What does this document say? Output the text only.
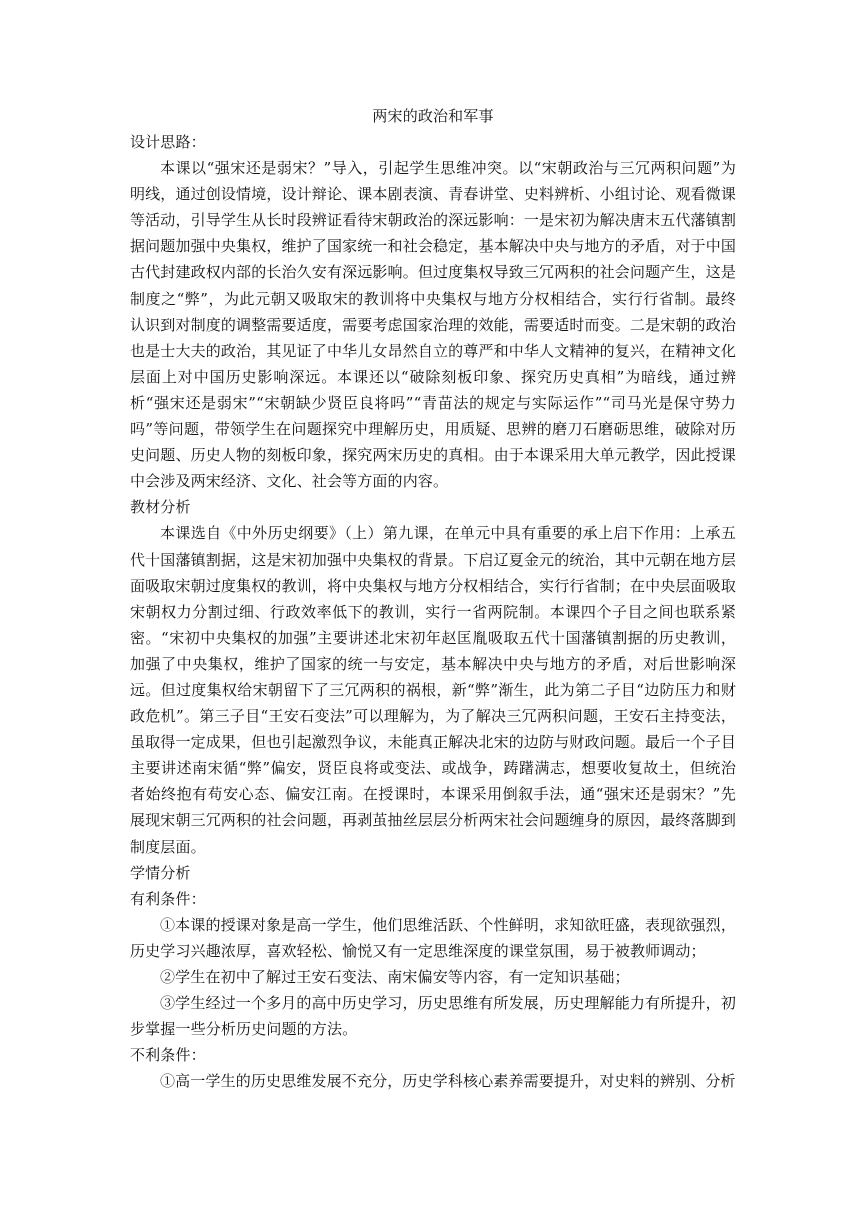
两宋的政治和军事

设计思路：

本课以“强宋还是弱宋？”导入，引起学生思维冲突。以“宋朝政治与三冗两积问题”为明线，通过创设情境，设计辩论、课本剧表演、青春讲堂、史料辨析、小组讨论、观看微课等活动，引导学生从长时段辨证看待宋朝政治的深远影响：一是宋初为解决唐末五代藩镇割据问题加强中央集权，维护了国家统一和社会稳定，基本解决中央与地方的矛盾，对于中国古代封建政权内部的长治久安有深远影响。但过度集权导致三冗两积的社会问题产生，这是制度之“弊”，为此元朝又吸取宋的教训将中央集权与地方分权相结合，实行行省制。最终认识到对制度的调整需要适度，需要考虑国家治理的效能，需要适时而变。二是宋朝的政治也是士大夫的政治，其见证了中华儿女昂然自立的尊严和中华人文精神的复兴，在精神文化层面上对中国历史影响深远。本课还以“破除刻板印象、探究历史真相”为暗线，通过辨析“强宋还是弱宋”“宋朝缺少贤臣良将吗”“青苗法的规定与实际运作”“司马光是保守势力吗”等问题，带领学生在问题探究中理解历史，用质疑、思辨的磨刀石磨砺思维，破除对历史问题、历史人物的刻板印象，探究两宋历史的真相。由于本课采用大单元教学，因此授课中会涉及两宋经济、文化、社会等方面的内容。

教材分析

本课选自《中外历史纲要》（上）第九课，在单元中具有重要的承上启下作用：上承五代十国藩镇割据，这是宋初加强中央集权的背景。下启辽夏金元的统治，其中元朝在地方层面吸取宋朝过度集权的教训，将中央集权与地方分权相结合，实行行省制；在中央层面吸取宋朝权力分割过细、行政效率低下的教训，实行一省两院制。本课四个子目之间也联系紧密。“宋初中央集权的加强”主要讲述北宋初年赵匡胤吸取五代十国藩镇割据的历史教训，加强了中央集权，维护了国家的统一与安定，基本解决中央与地方的矛盾，对后世影响深远。但过度集权给宋朝留下了三冗两积的祸根，新“弊”渐生，此为第二子目“边防压力和财政危机”。第三子目“王安石变法”可以理解为，为了解决三冗两积问题，王安石主持变法，虽取得一定成果，但也引起激烈争议，未能真正解决北宋的边防与财政问题。最后一个子目主要讲述南宋循“弊”偏安，贤臣良将或变法、或战争，踌躇满志，想要收复故土，但统治者始终抱有苟安心态、偏安江南。在授课时，本课采用倒叙手法，通“强宋还是弱宋？”先展现宋朝三冗两积的社会问题，再剥茧抽丝层层分析两宋社会问题缠身的原因，最终落脚到制度层面。

学情分析

有利条件：

①本课的授课对象是高一学生，他们思维活跃、个性鲜明，求知欲旺盛，表现欲强烈，历史学习兴趣浓厚，喜欢轻松、愉悦又有一定思维深度的课堂氛围，易于被教师调动；

②学生在初中了解过王安石变法、南宋偏安等内容，有一定知识基础；

③学生经过一个多月的高中历史学习，历史思维有所发展，历史理解能力有所提升，初步掌握一些分析历史问题的方法。

不利条件：

①高一学生的历史思维发展不充分，历史学科核心素养需要提升，对史料的辨别、分析
